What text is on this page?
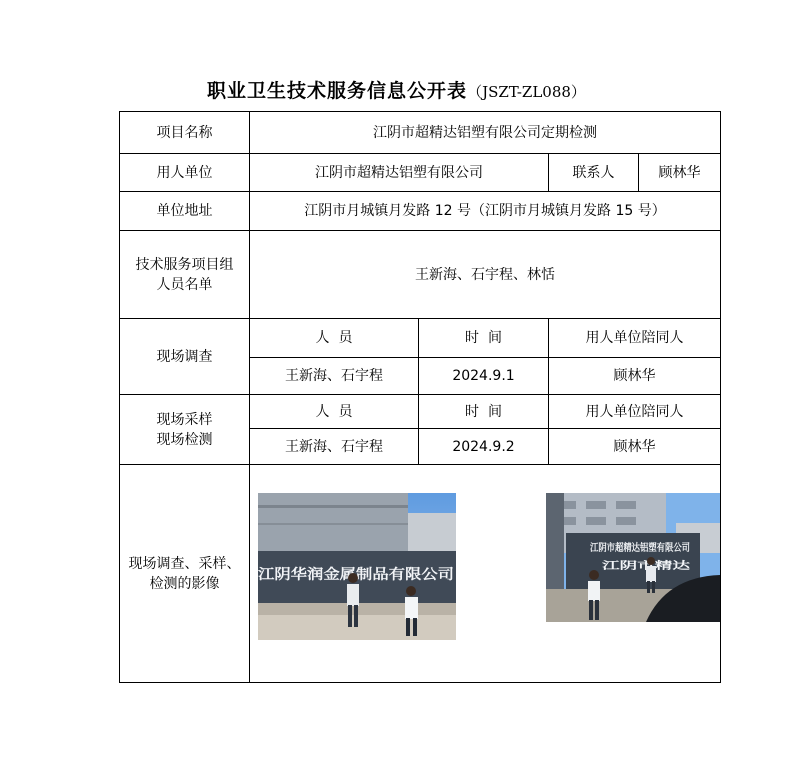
职业卫生技术服务信息公开表（JSZT-ZL088）
项目名称	江阴市超精达铝塑有限公司定期检测			
用人单位	江阴市超精达铝塑有限公司		联系人	顾林华
单位地址	江阴市月城镇月发路 12 号（江阴市月城镇月发路 15 号）			

技术服务项目组人员名单	王新海、石宇程、林恬			
现场调查	人  员	时  间	用人单位陪同人	
	王新海、石宇程	2024.9.1	顾林华	

现场采样现场检测	人  员	时  间	用人单位陪同人	
	王新海、石宇程	2024.9.2	顾林华	

现场调查、采样、检测的影像	江阴华润金属制品有限公司
江阴市超精达铝塑有限公司
江阴市精达			
